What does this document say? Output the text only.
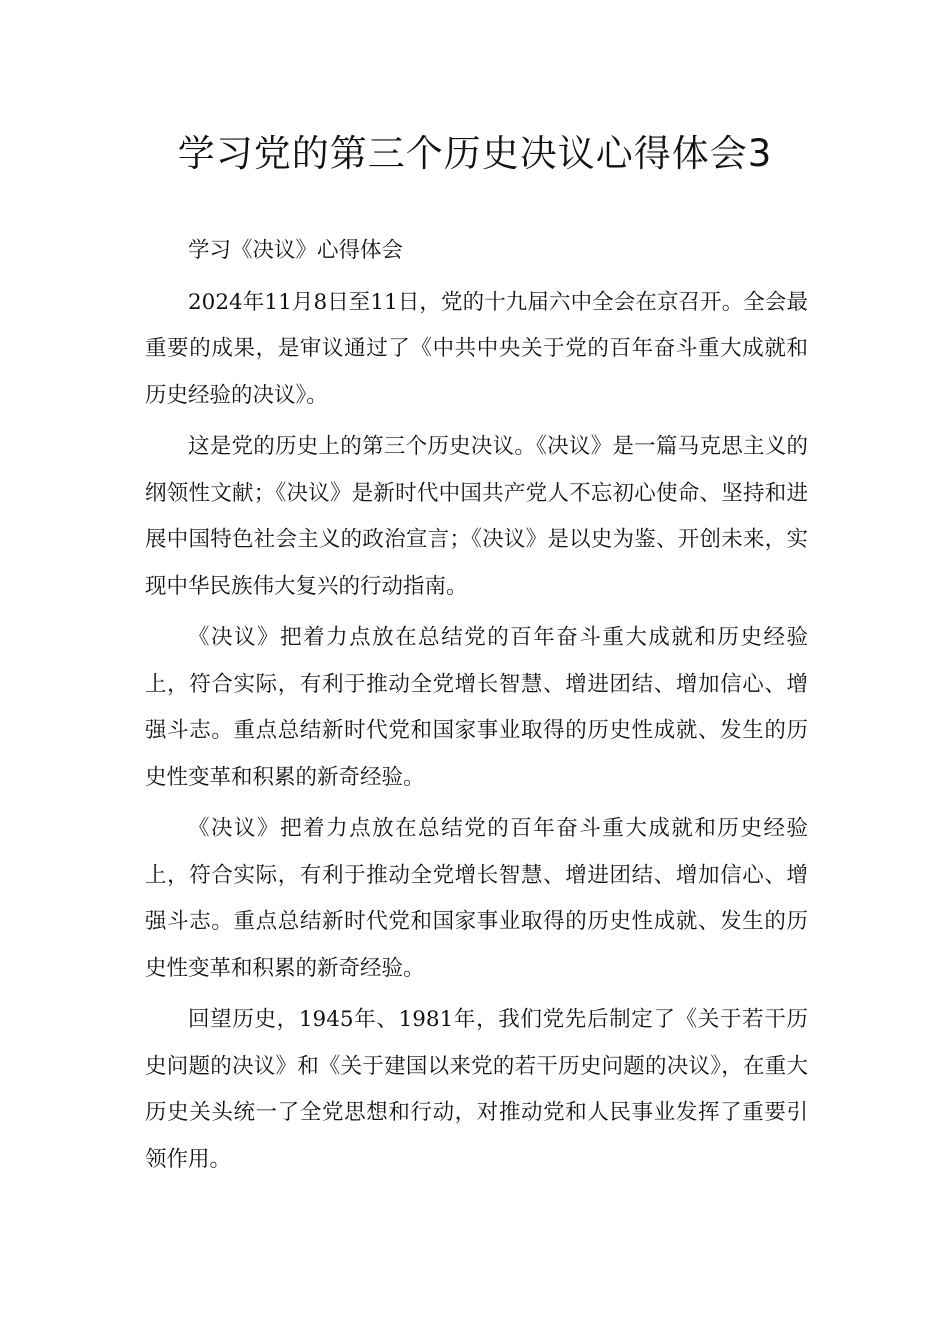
学习党的第三个历史决议心得体会3

学习《决议》心得体会

2024年11月8日至11日，党的十九届六中全会在京召开。全会最重要的成果，是审议通过了《中共中央关于党的百年奋斗重大成就和历史经验的决议》。

这是党的历史上的第三个历史决议。《决议》是一篇马克思主义的纲领性文献；《决议》是新时代中国共产党人不忘初心使命、坚持和进展中国特色社会主义的政治宣言；《决议》是以史为鉴、开创未来，实现中华民族伟大复兴的行动指南。

《决议》把着力点放在总结党的百年奋斗重大成就和历史经验上，符合实际，有利于推动全党增长智慧、增进团结、增加信心、增强斗志。重点总结新时代党和国家事业取得的历史性成就、发生的历史性变革和积累的新奇经验。

《决议》把着力点放在总结党的百年奋斗重大成就和历史经验上，符合实际，有利于推动全党增长智慧、增进团结、增加信心、增强斗志。重点总结新时代党和国家事业取得的历史性成就、发生的历史性变革和积累的新奇经验。

回望历史，1945年、1981年，我们党先后制定了《关于若干历史问题的决议》和《关于建国以来党的若干历史问题的决议》，在重大历史关头统一了全党思想和行动，对推动党和人民事业发挥了重要引领作用。
